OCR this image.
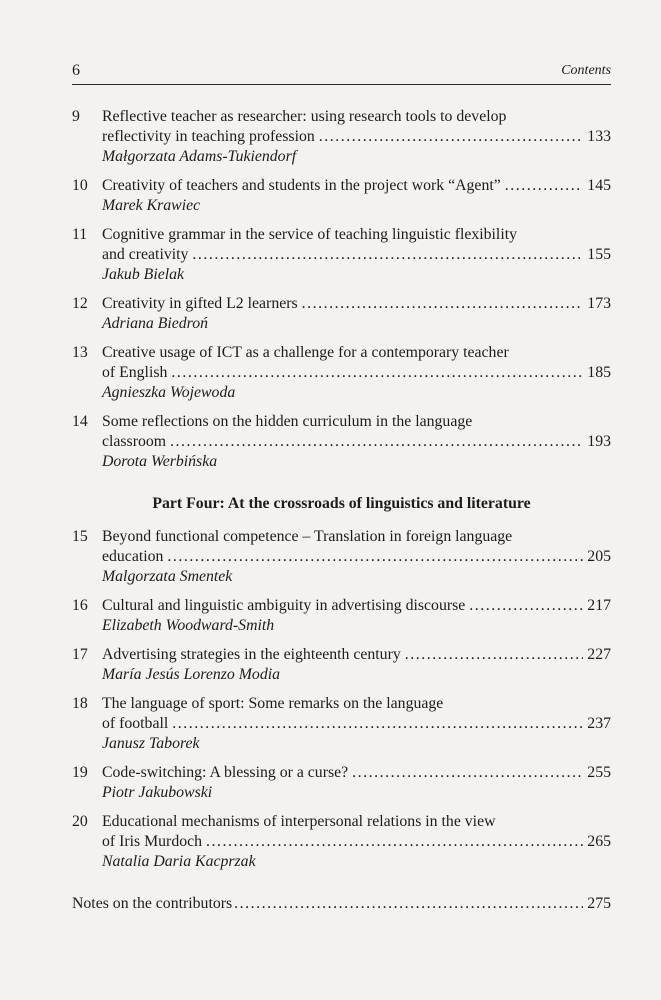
6	Contents
9 Reflective teacher as researcher: using research tools to develop
reflectivity in teaching profession . . .	133
Małgorzata Adams-Tukiendorf
10 Creativity of teachers and students in the project work “Agent” . . .	145
Marek Krawiec
11 Cognitive grammar in the service of teaching linguistic flexibility
and creativity . . .	155
Jakub Bielak
12 Creativity in gifted L2 learners . . .	173
Adriana Biedroń
13 Creative usage of ICT as a challenge for a contemporary teacher
of English . . .	185
Agnieszka Wojewoda
14 Some reflections on the hidden curriculum in the language
classroom . . .	193
Dorota Werbińska
Part Four: At the crossroads of linguistics and literature
15 Beyond functional competence – Translation in foreign language
education . . .	205
Malgorzata Smentek
16 Cultural and linguistic ambiguity in advertising discourse . . .	217
Elizabeth Woodward-Smith
17 Advertising strategies in the eighteenth century . . .	227
María Jesús Lorenzo Modia
18 The language of sport: Some remarks on the language
of football . . .	237
Janusz Taborek
19 Code-switching: A blessing or a curse? . . .	255
Piotr Jakubowski
20 Educational mechanisms of interpersonal relations in the view
of Iris Murdoch . . .	265
Natalia Daria Kacprzak
Notes on the contributors . . .	275
